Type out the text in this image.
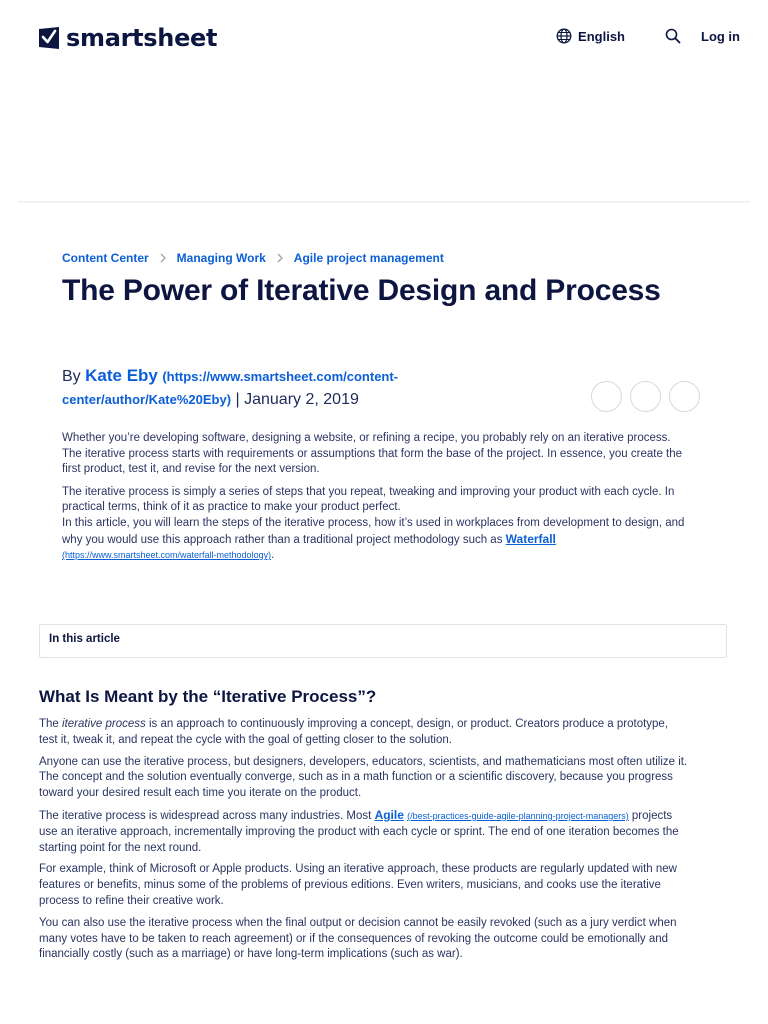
smartsheet	English	Log in
Content Center Managing Work Agile project management
The Power of Iterative Design and Process
By Kate Eby (https://www.smartsheet.com/content-center/author/Kate%20Eby) | January 2, 2019

Whether you’re developing software, designing a website, or refining a recipe, you probably rely on an iterative process. The iterative process starts with requirements or assumptions that form the base of the project. In essence, you create the first product, test it, and revise for the next version.

The iterative process is simply a series of steps that you repeat, tweaking and improving your product with each cycle. In practical terms, think of it as practice to make your product perfect.

In this article, you will learn the steps of the iterative process, how it’s used in workplaces from development to design, and why you would use this approach rather than a traditional project methodology such as Waterfall
(https://www.smartsheet.com/waterfall-methodology).

In this article
What Is Meant by the “Iterative Process”?

The iterative process is an approach to continuously improving a concept, design, or product. Creators produce a prototype, test it, tweak it, and repeat the cycle with the goal of getting closer to the solution.

Anyone can use the iterative process, but designers, developers, educators, scientists, and mathematicians most often utilize it. The concept and the solution eventually converge, such as in a math function or a scientific discovery, because you progress toward your desired result each time you iterate on the product.

The iterative process is widespread across many industries. Most Agile (/best-practices-guide-agile-planning-project-managers) projects use an iterative approach, incrementally improving the product with each cycle or sprint. The end of one iteration becomes the starting point for the next round.

For example, think of Microsoft or Apple products. Using an iterative approach, these products are regularly updated with new features or benefits, minus some of the problems of previous editions. Even writers, musicians, and cooks use the iterative process to refine their creative work.

You can also use the iterative process when the final output or decision cannot be easily revoked (such as a jury verdict when many votes have to be taken to reach agreement) or if the consequences of revoking the outcome could be emotionally and financially costly (such as a marriage) or have long-term implications (such as war).
